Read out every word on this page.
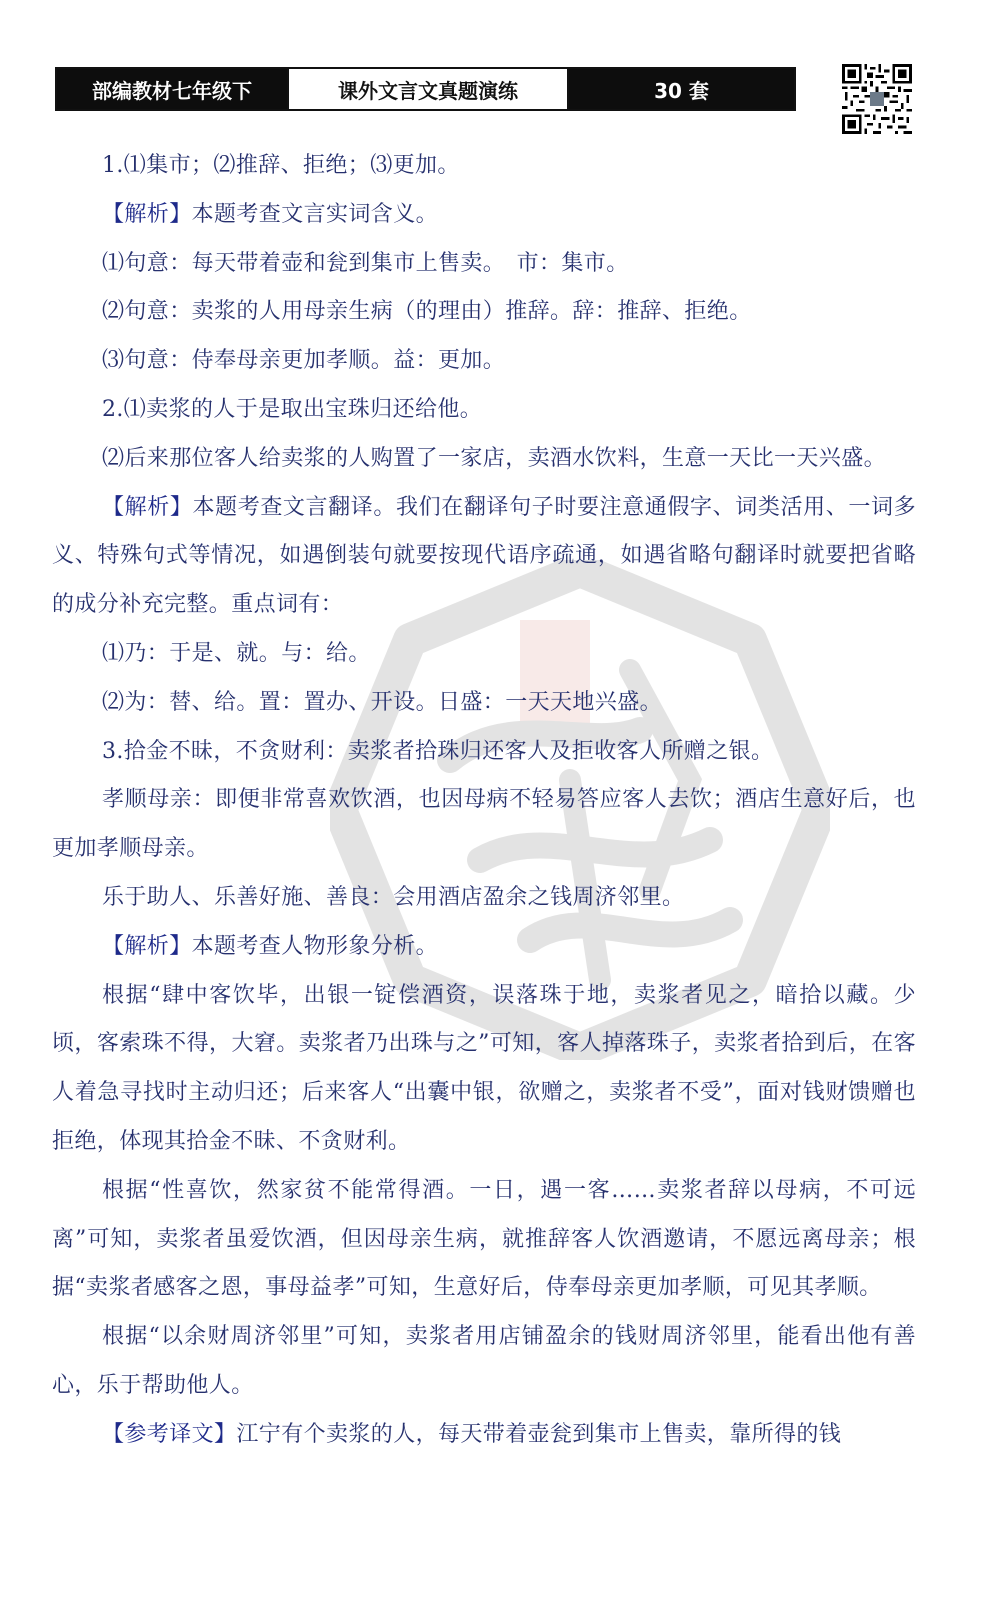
部编教材七年级下	课外文言文真题演练	30 套

1.⑴集市；⑵推辞、拒绝；⑶更加。

【解析】本题考查文言实词含义。

⑴句意：每天带着壶和瓮到集市上售卖。　市：集市。

⑵句意：卖浆的人用母亲生病（的理由）推辞。辞：推辞、拒绝。

⑶句意：侍奉母亲更加孝顺。益：更加。

2.⑴卖浆的人于是取出宝珠归还给他。

⑵后来那位客人给卖浆的人购置了一家店，卖酒水饮料，生意一天比一天兴盛。

【解析】本题考查文言翻译。我们在翻译句子时要注意通假字、词类活用、一词多义、特殊句式等情况，如遇倒装句就要按现代语序疏通，如遇省略句翻译时就要把省略的成分补充完整。重点词有：

⑴乃：于是、就。与：给。

⑵为：替、给。置：置办、开设。日盛：一天天地兴盛。

3.拾金不昧，不贪财利：卖浆者拾珠归还客人及拒收客人所赠之银。

孝顺母亲：即便非常喜欢饮酒，也因母病不轻易答应客人去饮；酒店生意好后，也更加孝顺母亲。

乐于助人、乐善好施、善良：会用酒店盈余之钱周济邻里。

【解析】本题考查人物形象分析。

根据“肆中客饮毕，出银一锭偿酒资，误落珠于地，卖浆者见之，暗拾以藏。少顷，客索珠不得，大窘。卖浆者乃出珠与之”可知，客人掉落珠子，卖浆者拾到后，在客人着急寻找时主动归还；后来客人“出囊中银，欲赠之，卖浆者不受”，面对钱财馈赠也拒绝，体现其拾金不昧、不贪财利。

根据“性喜饮，然家贫不能常得酒。一日，遇一客……卖浆者辞以母病，不可远离”可知，卖浆者虽爱饮酒，但因母亲生病，就推辞客人饮酒邀请，不愿远离母亲；根据“卖浆者感客之恩，事母益孝”可知，生意好后，侍奉母亲更加孝顺，可见其孝顺。

根据“以余财周济邻里”可知，卖浆者用店铺盈余的钱财周济邻里，能看出他有善心，乐于帮助他人。

【参考译文】江宁有个卖浆的人，每天带着壶瓮到集市上售卖，靠所得的钱
